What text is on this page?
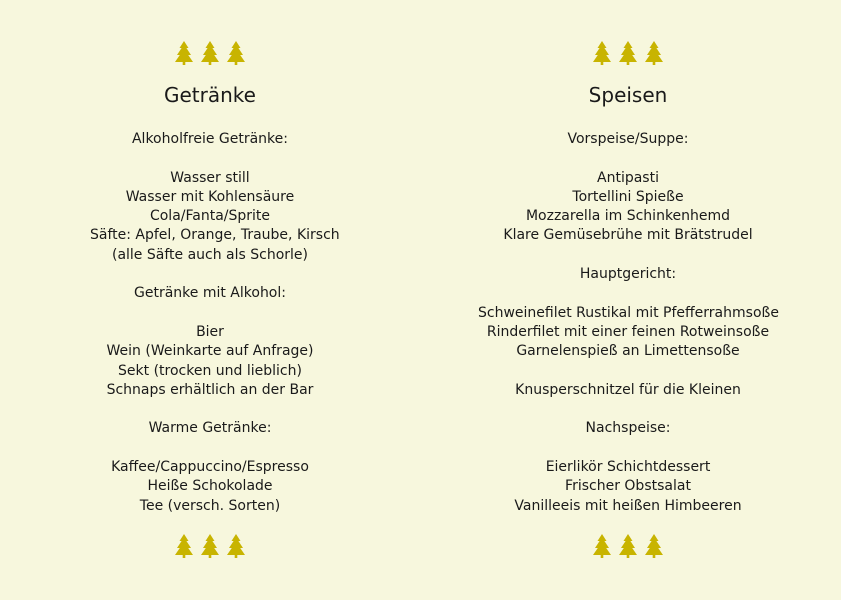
Getränke
Alkoholfreie Getränke:
Wasser still
Wasser mit Kohlensäure
Cola/Fanta/Sprite
Säfte: Apfel, Orange, Traube, Kirsch
(alle Säfte auch als Schorle)
Getränke mit Alkohol:
Bier
Wein (Weinkarte auf Anfrage)
Sekt (trocken und lieblich)
Schnaps erhältlich an der Bar
Warme Getränke:
Kaffee/Cappuccino/Espresso
Heiße Schokolade
Tee (versch. Sorten)
Speisen
Vorspeise/Suppe:
Antipasti
Tortellini Spieße
Mozzarella im Schinkenhemd
Klare Gemüsebrühe mit Brätstrudel
Hauptgericht:
Schweinefilet Rustikal mit Pfefferrahmsoße
Rinderfilet mit einer feinen Rotweinsoße
Garnelenspieß an Limettensoße
Knusperschnitzel für die Kleinen
Nachspeise:
Eierlikör Schichtdessert
Frischer Obstsalat
Vanilleeis mit heißen Himbeeren
